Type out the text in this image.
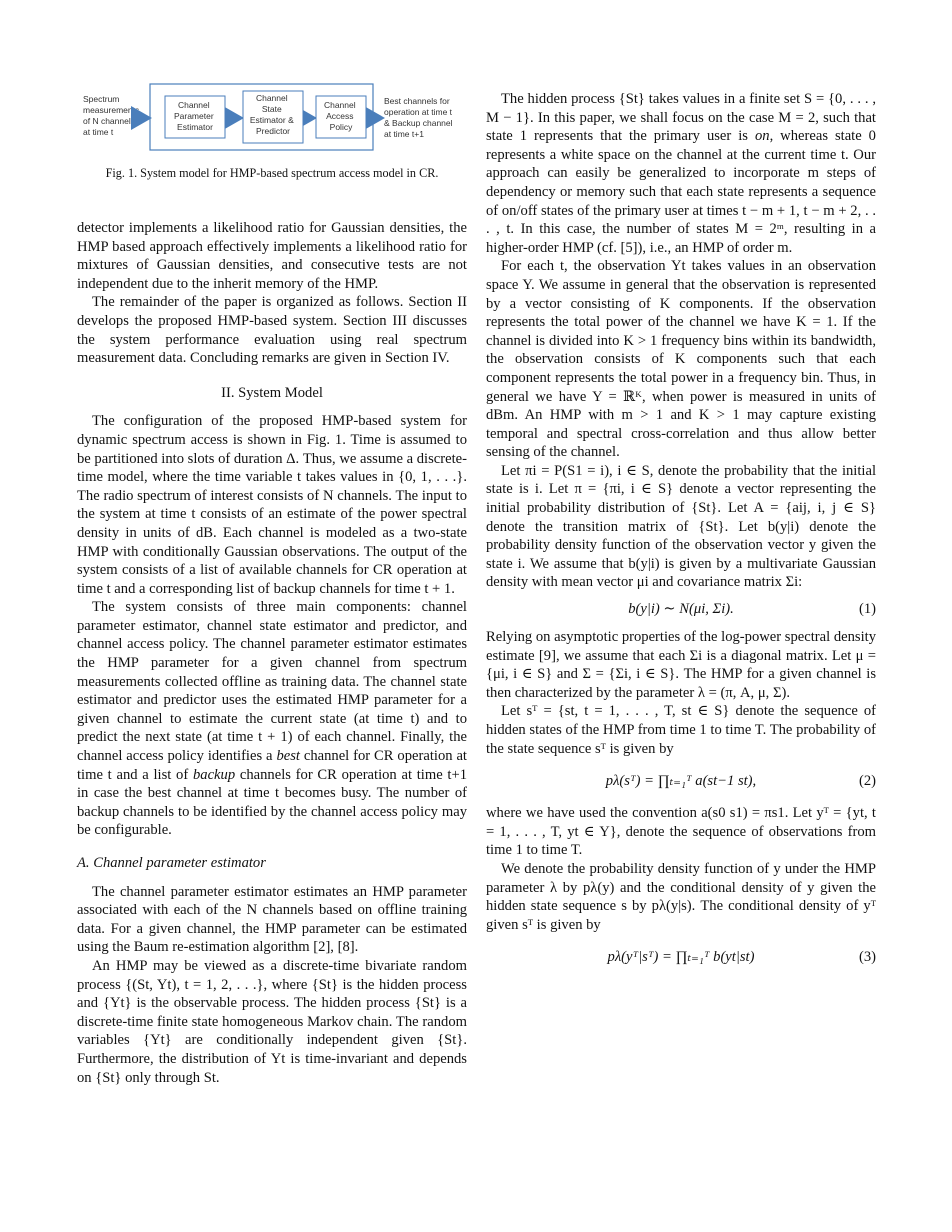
Spectrum measurements of N channels at time t
Channel Parameter Estimator
Channel State Estimator & Predictor
Channel Access Policy
Best channels for operation at time t & Backup channel at time t+1
Fig. 1. System model for HMP-based spectrum access model in CR.

detector implements a likelihood ratio for Gaussian densities, the HMP based approach effectively implements a likelihood ratio for mixtures of Gaussian densities, and consecutive tests are not independent due to the inherit memory of the HMP.

The remainder of the paper is organized as follows. Section II develops the proposed HMP-based system. Section III discusses the system performance evaluation using real spectrum measurement data. Concluding remarks are given in Section IV.

II. System Model

The configuration of the proposed HMP-based system for dynamic spectrum access is shown in Fig. 1. Time is assumed to be partitioned into slots of duration Δ. Thus, we assume a discrete-time model, where the time variable t takes values in {0, 1, . . .}. The radio spectrum of interest consists of N channels. The input to the system at time t consists of an estimate of the power spectral density in units of dB. Each channel is modeled as a two-state HMP with conditionally Gaussian observations. The output of the system consists of a list of available channels for CR operation at time t and a corresponding list of backup channels for time t + 1.

The system consists of three main components: channel parameter estimator, channel state estimator and predictor, and channel access policy. The channel parameter estimator estimates the HMP parameter for a given channel from spectrum measurements collected offline as training data. The channel state estimator and predictor uses the estimated HMP parameter for a given channel to estimate the current state (at time t) and to predict the next state (at time t + 1) of each channel. Finally, the channel access policy identifies a best channel for CR operation at time t and a list of backup channels for CR operation at time t+1 in case the best channel at time t becomes busy. The number of backup channels to be identified by the channel access policy may be configurable.

A. Channel parameter estimator

The channel parameter estimator estimates an HMP parameter associated with each of the N channels based on offline training data. For a given channel, the HMP parameter can be estimated using the Baum re-estimation algorithm [2], [8].

An HMP may be viewed as a discrete-time bivariate random process {(St, Yt), t = 1, 2, . . .}, where {St} is the hidden process and {Yt} is the observable process. The hidden process {St} is a discrete-time finite state homogeneous Markov chain. The random variables {Yt} are conditionally independent given {St}. Furthermore, the distribution of Yt is time-invariant and depends on {St} only through St.

The hidden process {St} takes values in a finite set S = {0, . . . , M − 1}. In this paper, we shall focus on the case M = 2, such that state 1 represents that the primary user is on, whereas state 0 represents a white space on the channel at the current time t. Our approach can easily be generalized to incorporate m steps of dependency or memory such that each state represents a sequence of on/off states of the primary user at times t − m + 1, t − m + 2, . . . , t. In this case, the number of states M = 2ᵐ, resulting in a higher-order HMP (cf. [5]), i.e., an HMP of order m.

For each t, the observation Yt takes values in an observation space Y. We assume in general that the observation is represented by a vector consisting of K components. If the observation represents the total power of the channel we have K = 1. If the channel is divided into K > 1 frequency bins within its bandwidth, the observation consists of K components such that each component represents the total power in a frequency bin. Thus, in general we have Y = ℝᴷ, when power is measured in units of dBm. An HMP with m > 1 and K > 1 may capture existing temporal and spectral cross-correlation and thus allow better sensing of the channel.

Let πi = P(S1 = i), i ∈ S, denote the probability that the initial state is i. Let π = {πi, i ∈ S} denote a vector representing the initial probability distribution of {St}. Let A = {aij, i, j ∈ S} denote the transition matrix of {St}. Let b(y|i) denote the probability density function of the observation vector y given the state i. We assume that b(y|i) is given by a multivariate Gaussian density with mean vector μi and covariance matrix Σi:

b(y|i) ∼ N(μi, Σi).	(1)

Relying on asymptotic properties of the log-power spectral density estimate [9], we assume that each Σi is a diagonal matrix. Let μ = {μi, i ∈ S} and Σ = {Σi, i ∈ S}. The HMP for a given channel is then characterized by the parameter λ = (π, A, μ, Σ).

Let sᵀ = {st, t = 1, . . . , T, st ∈ S} denote the sequence of hidden states of the HMP from time 1 to time T. The probability of the state sequence sᵀ is given by

pλ(sᵀ) = ∏ₜ₌₁ᵀ a(st−1 st),	(2)

where we have used the convention a(s0 s1) = πs1. Let yᵀ = {yt, t = 1, . . . , T, yt ∈ Y}, denote the sequence of observations from time 1 to time T.

We denote the probability density function of y under the HMP parameter λ by pλ(y) and the conditional density of y given the hidden state sequence s by pλ(y|s). The conditional density of yᵀ given sᵀ is given by

pλ(yᵀ|sᵀ) = ∏ₜ₌₁ᵀ b(yt|st)	(3)
